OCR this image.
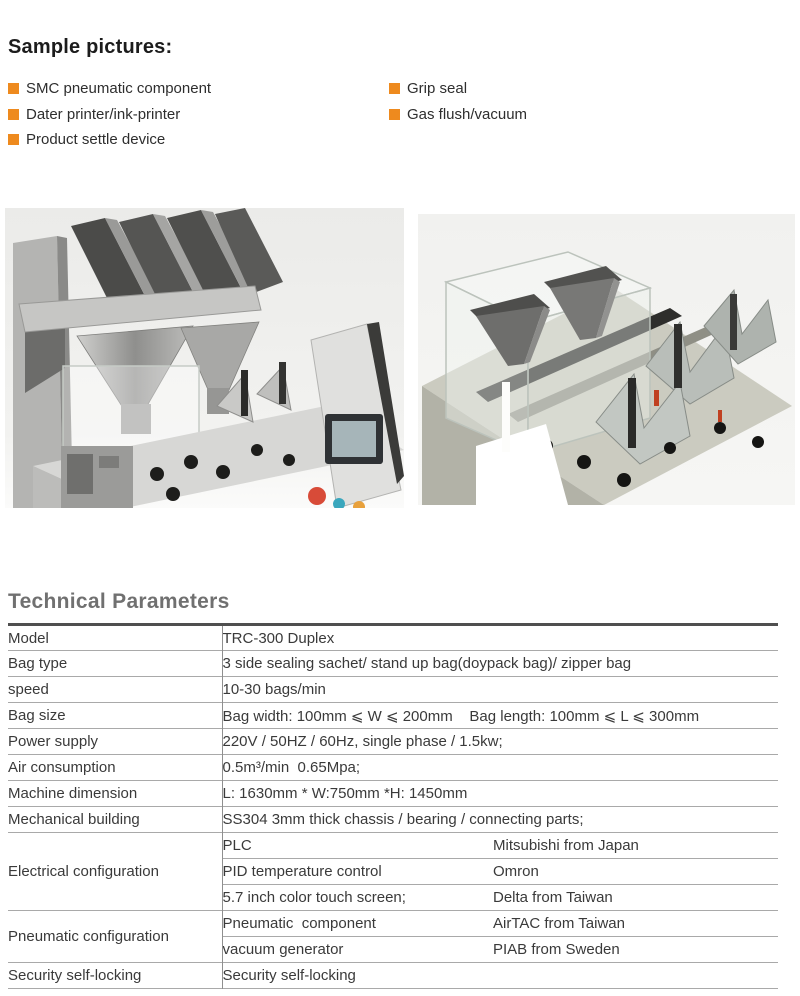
Sample pictures:
SMC pneumatic component
Dater printer/ink-printer
Product settle device
Grip seal
Gas flush/vacuum
Technical Parameters
Model	TRC-300 Duplex	
Bag type	3 side sealing sachet/ stand up bag(doypack bag)/ zipper bag	
speed	10-30 bags/min	
Bag size	Bag width: 100mm ⩽ W ⩽ 200mm    Bag length: 100mm ⩽ L ⩽ 300mm	
Power supply	220V / 50HZ / 60Hz, single phase / 1.5kw;	
Air consumption	0.5m³/min  0.65Mpa;	
Machine dimension	L: 1630mm * W:750mm *H: 1450mm	
Mechanical building	SS304 3mm thick chassis / bearing / connecting parts;	
Electrical configuration	PLC	Mitsubishi from Japan
	PID temperature control	Omron
	5.7 inch color touch screen;	Delta from Taiwan
Pneumatic configuration	Pneumatic  component	AirTAC from Taiwan
	vacuum generator	PIAB from Sweden
Security self-locking	Security self-locking	
